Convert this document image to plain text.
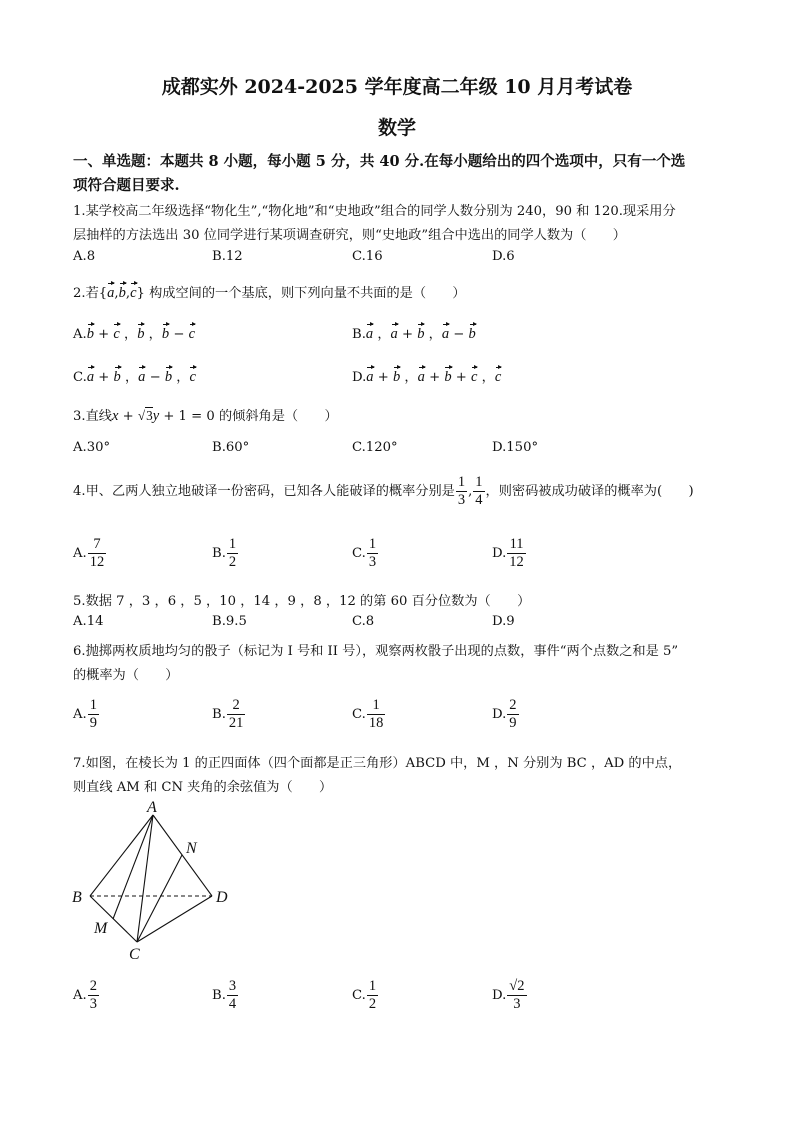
成都实外 2024-2025 学年度高二年级 10 月月考试卷
数学
一、单选题：本题共 8 小题，每小题 5 分，共 40 分.在每小题给出的四个选项中，只有一个选
项符合题目要求.
1.某学校高二年级选择“物化生”,“物化地”和“史地政”组合的同学人数分别为 240，90 和 120.现采用分
层抽样的方法选出 30 位同学进行某项调查研究，则“史地政”组合中选出的同学人数为（　　）
A.8	B.12	C.16	D.6
2.若{a,b,c} 构成空间的一个基底，则下列向量不共面的是（　　）
A.b + c ，b ，b − c	B.a ，a + b ，a − b
C.a + b ，a − b ，c	D.a + b ，a + b + c ，c
3.直线x + √3y + 1 = 0 的倾斜角是（　　）
A.30°	B.60°	C.120°	D.150°
4.甲、乙两人独立地破译一份密码，已知各人能破译的概率分别是 $\frac{1}{3}$ , $\frac{1}{4}$ ，则密码被成功破译的概率为(　　)
A. $\frac{7}{12}$	B. $\frac{1}{2}$	C. $\frac{1}{3}$	D. $\frac{11}{12}$
5.数据 7 ，3 ，6 ，5 ，10 ，14 ，9 ，8 ，12 的第 60 百分位数为（　　）
A.14	B.9.5	C.8	D.9
6.抛掷两枚质地均匀的骰子（标记为 I 号和 II 号），观察两枚骰子出现的点数，事件“两个点数之和是 5”
的概率为（　　）
A. $\frac{1}{9}$	B. $\frac{2}{21}$	C. $\frac{1}{18}$	D. $\frac{2}{9}$
7.如图，在棱长为 1 的正四面体（四个面都是正三角形）ABCD 中，M ，N 分别为 BC ，AD 的中点，
则直线 AM 和 CN 夹角的余弦值为（　　）
A
B
C
D
M
N
A. $\frac{2}{3}$	B. $\frac{3}{4}$	C. $\frac{1}{2}$	D. $\frac{√2}{3}$
